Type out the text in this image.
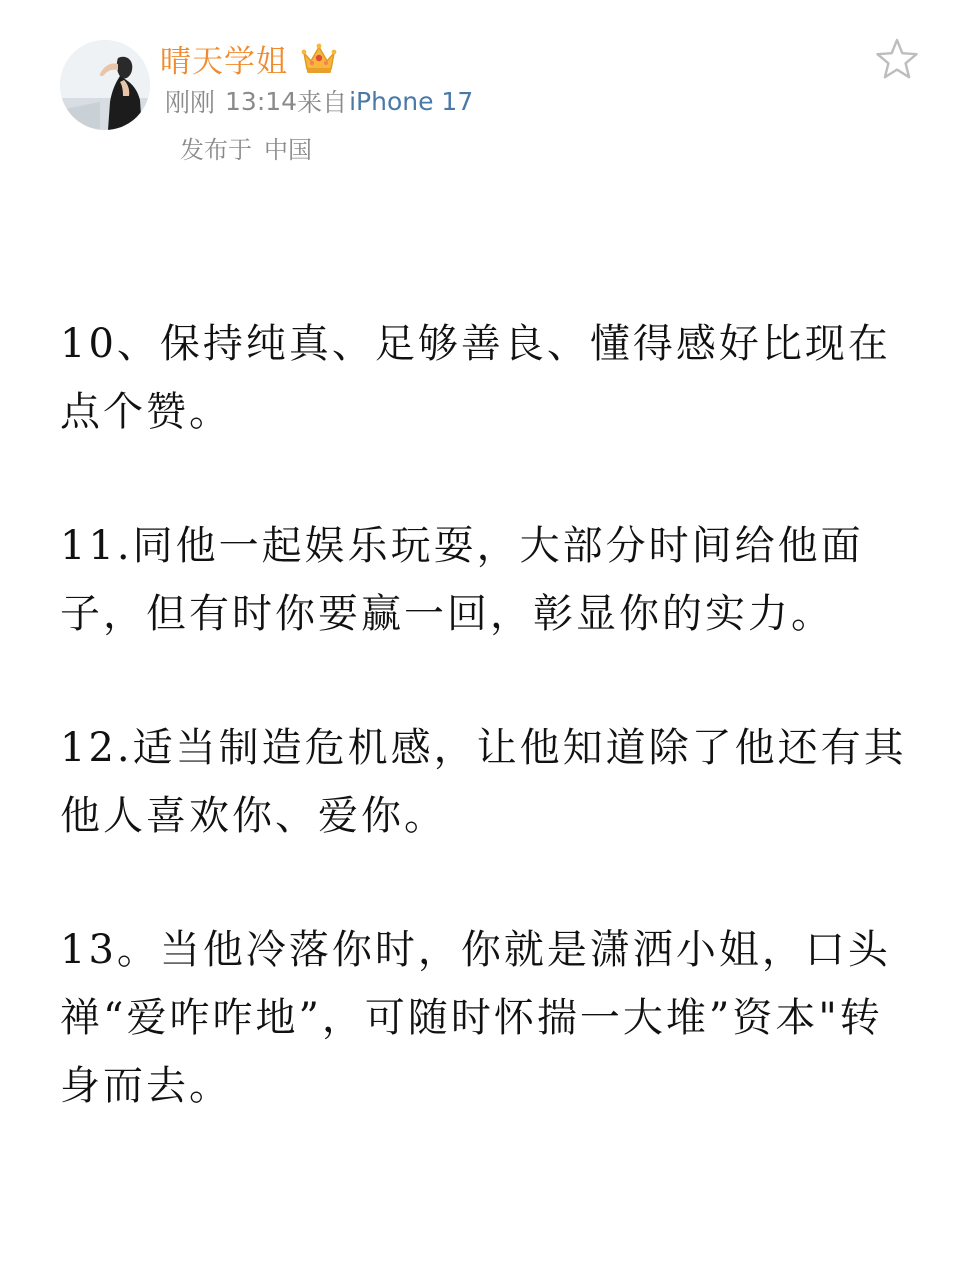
晴天学姐
刚刚 13:14 来自 iPhone 17
发布于 中国

10、保持纯真、足够善良、懂得感好比现在点个赞。

11.同他一起娱乐玩耍，大部分时间给他面子，但有时你要赢一回，彰显你的实力。

12.适当制造危机感，让他知道除了他还有其他人喜欢你、爱你。

13。当他冷落你时，你就是潇洒小姐，口头禅“爱咋咋地”，可随时怀揣一大堆”资本"转身而去。
